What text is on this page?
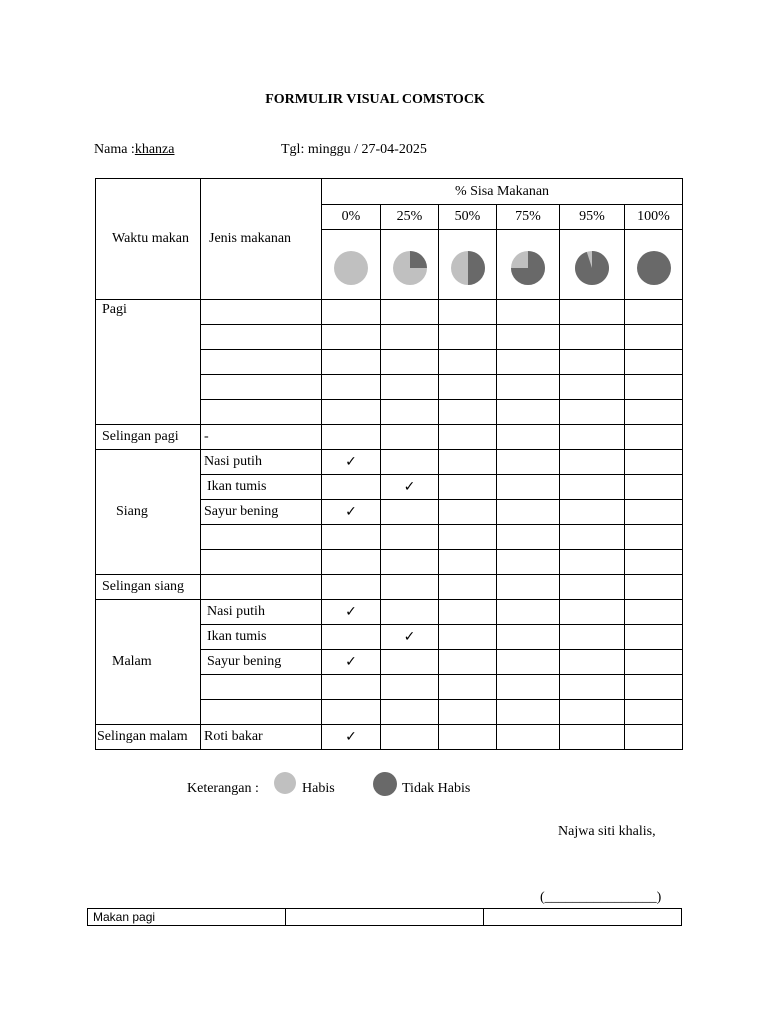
FORMULIR VISUAL COMSTOCK
Nama :khanza	Tgl: minggu / 27-04-2025
Waktu makan	Jenis makanan	% Sisa Makanan					
		0%	25%	50%	75%	95%	100%

Pagi							

Selingan pagi	-						
Siang	Nasi putih	✓					
	Ikan tumis		✓				
	Sayur bening	✓					

Selingan siang							
Malam	Nasi putih	✓					
	Ikan tumis		✓				
	Sayur bening	✓					

Selingan malam	Roti bakar	✓					
Keterangan :	Habis	Tidak Habis
Najwa siti khalis,
(________________)
Makan pagi		
